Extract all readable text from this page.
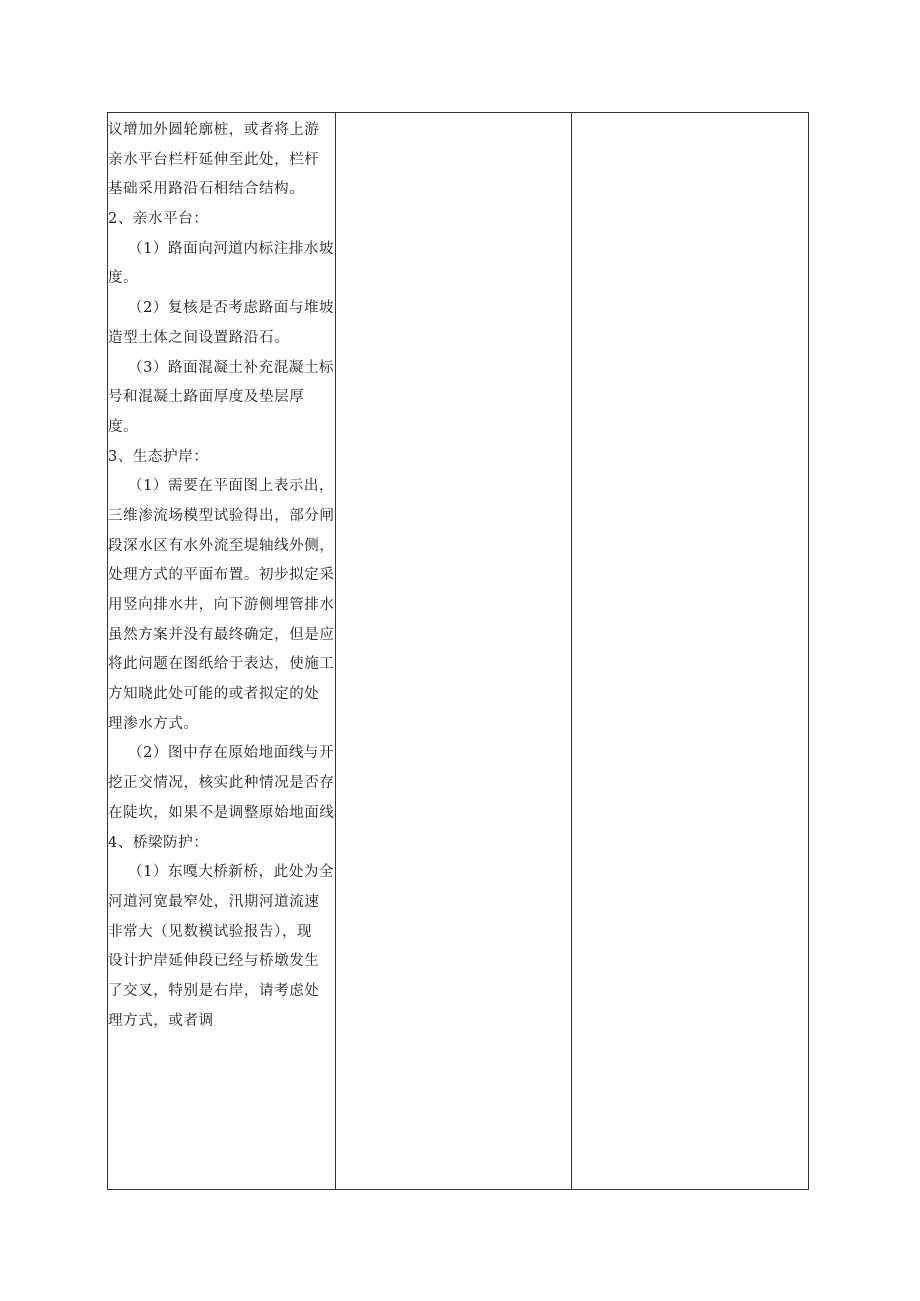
议增加外圆轮廓桩，或者将上游
亲水平台栏杆延伸至此处，栏杆
基础采用路沿石相结合结构。
2、亲水平台：
（1）路面向河道内标注排水坡
度。
（2）复核是否考虑路面与堆坡
造型土体之间设置路沿石。
（3）路面混凝土补充混凝土标
号和混凝土路面厚度及垫层厚
度。
3、生态护岸：
（1）需要在平面图上表示出，
三维渗流场模型试验得出，部分闸
段深水区有水外流至堤轴线外侧，
处理方式的平面布置。初步拟定采
用竖向排水井，向下游侧埋管排水
虽然方案并没有最终确定，但是应
将此问题在图纸给于表达，使施工
方知晓此处可能的或者拟定的处
理渗水方式。
（2）图中存在原始地面线与开
挖正交情况，核实此种情况是否存
在陡坎，如果不是调整原始地面线
4、桥梁防护：
（1）东嘎大桥新桥，此处为全
河道河宽最窄处，汛期河道流速
非常大（见数模试验报告），现
设计护岸延伸段已经与桥墩发生
了交叉，特别是右岸，请考虑处
理方式，或者调
